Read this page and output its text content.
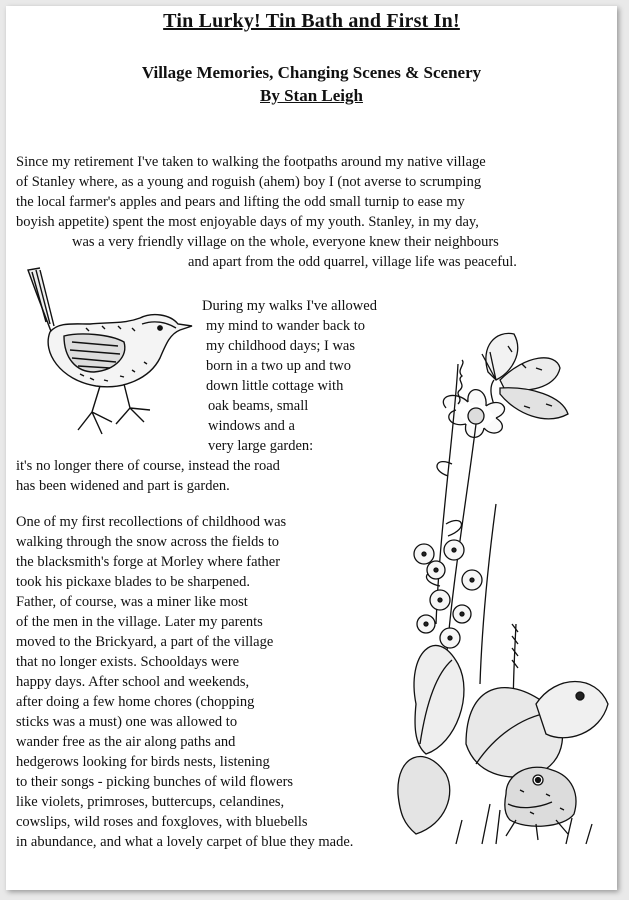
Tin Lurky! Tin Bath and First In!
Village Memories, Changing Scenes & Scenery
By Stan Leigh
Since my retirement I've taken to walking the footpaths around my native village
of Stanley where, as a young and roguish (ahem) boy I (not averse to scrumping
the local farmer's apples and pears and lifting the odd small turnip to ease my
boyish appetite) spent the most enjoyable days of my youth. Stanley, in my day,
was a very friendly village on the whole, everyone knew their neighbours
and apart from the odd quarrel, village life was peaceful.
During my walks I've allowed
my mind to wander back to
my childhood days; I was
born in a two up and two
down little cottage with
oak beams, small
windows and a
very large garden:
it's no longer there of course, instead the road
has been widened and part is garden.
One of my first recollections of childhood was
walking through the snow across the fields to
the blacksmith's forge at Morley where father
took his pickaxe blades to be sharpened.
Father, of course, was a miner like most
of the men in the village. Later my parents
moved to the Brickyard, a part of the village
that no longer exists. Schooldays were
happy days. After school and weekends,
after doing a few home chores (chopping
sticks was a must) one was allowed to
wander free as the air along paths and
hedgerows looking for birds nests, listening
to their songs - picking bunches of wild flowers
like violets, primroses, buttercups, celandines,
cowslips, wild roses and foxgloves, with bluebells
in abundance, and what a lovely carpet of blue they made.
